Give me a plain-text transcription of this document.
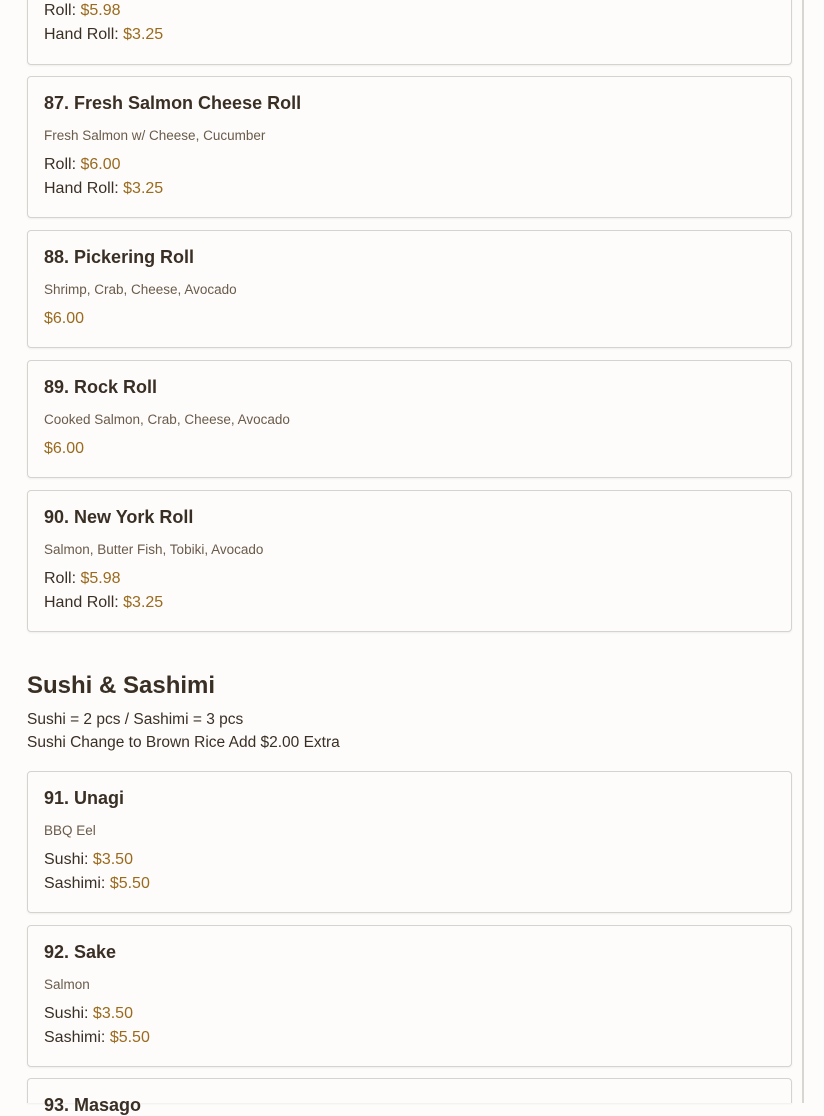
Roll: $5.98
Hand Roll: $3.25
87. Fresh Salmon Cheese Roll
Fresh Salmon w/ Cheese, Cucumber
Roll: $6.00
Hand Roll: $3.25
88. Pickering Roll
Shrimp, Crab, Cheese, Avocado
$6.00
89. Rock Roll
Cooked Salmon, Crab, Cheese, Avocado
$6.00
90. New York Roll
Salmon, Butter Fish, Tobiki, Avocado
Roll: $5.98
Hand Roll: $3.25
Sushi & Sashimi
Sushi = 2 pcs / Sashimi = 3 pcs
Sushi Change to Brown Rice Add $2.00 Extra
91. Unagi
BBQ Eel
Sushi: $3.50
Sashimi: $5.50
92. Sake
Salmon
Sushi: $3.50
Sashimi: $5.50
93. Masago
